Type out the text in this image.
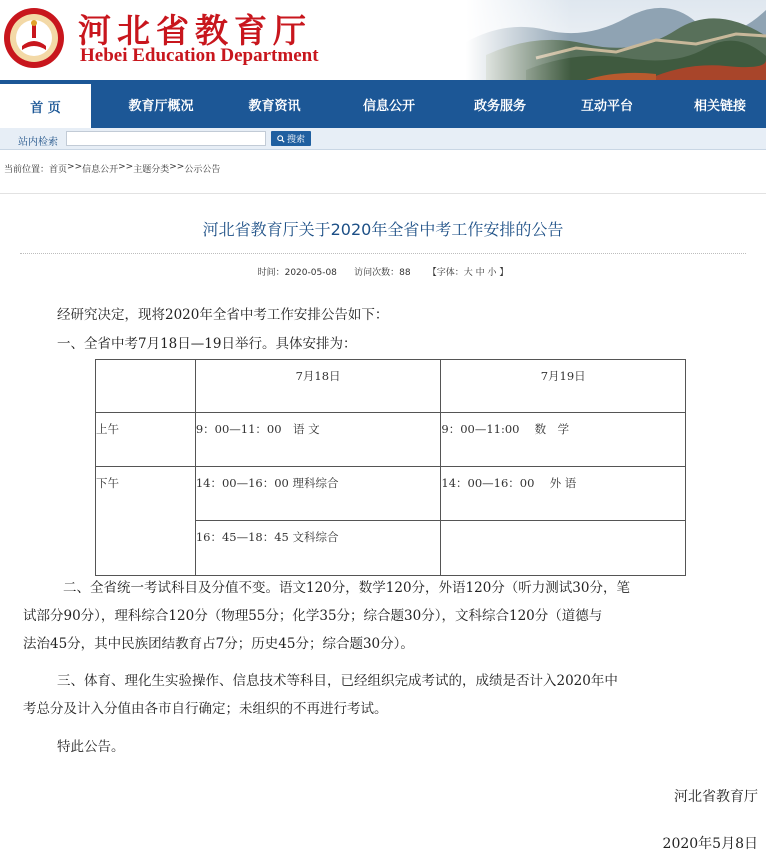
河北省教育厅
Hebei Education Department
首 页	教育厅概况	教育资讯	信息公开	政务服务	互动平台	相关链接
站内检索	搜索
当前位置： 首页 >> 信息公开 >> 主题分类 >> 公示公告
河北省教育厅关于2020年全省中考工作安排的公告
时间：2020-05-08 访问次数：88 【字体：大 中 小 】
经研究决定，现将2020年全省中考工作安排公告如下：
一、全省中考7月18日—19日举行。具体安排为：

	7月18日	7月19日

上午	9：00—11：00　语 文	9：00—11:00　 数　学

下午	14：00—16：00 理科综合	14：00—16：00　 外 语

	16：45—18：45 文科综合	

二、全省统一考试科目及分值不变。语文120分，数学120分，外语120分（听力测试30分，笔
试部分90分），理科综合120分（物理55分；化学35分；综合题30分），文科综合120分（道德与
法治45分，其中民族团结教育占7分；历史45分；综合题30分）。
三、体育、理化生实验操作、信息技术等科目，已经组织完成考试的，成绩是否计入2020年中
考总分及计入分值由各市自行确定；未组织的不再进行考试。
特此公告。
河北省教育厅
2020年5月8日
